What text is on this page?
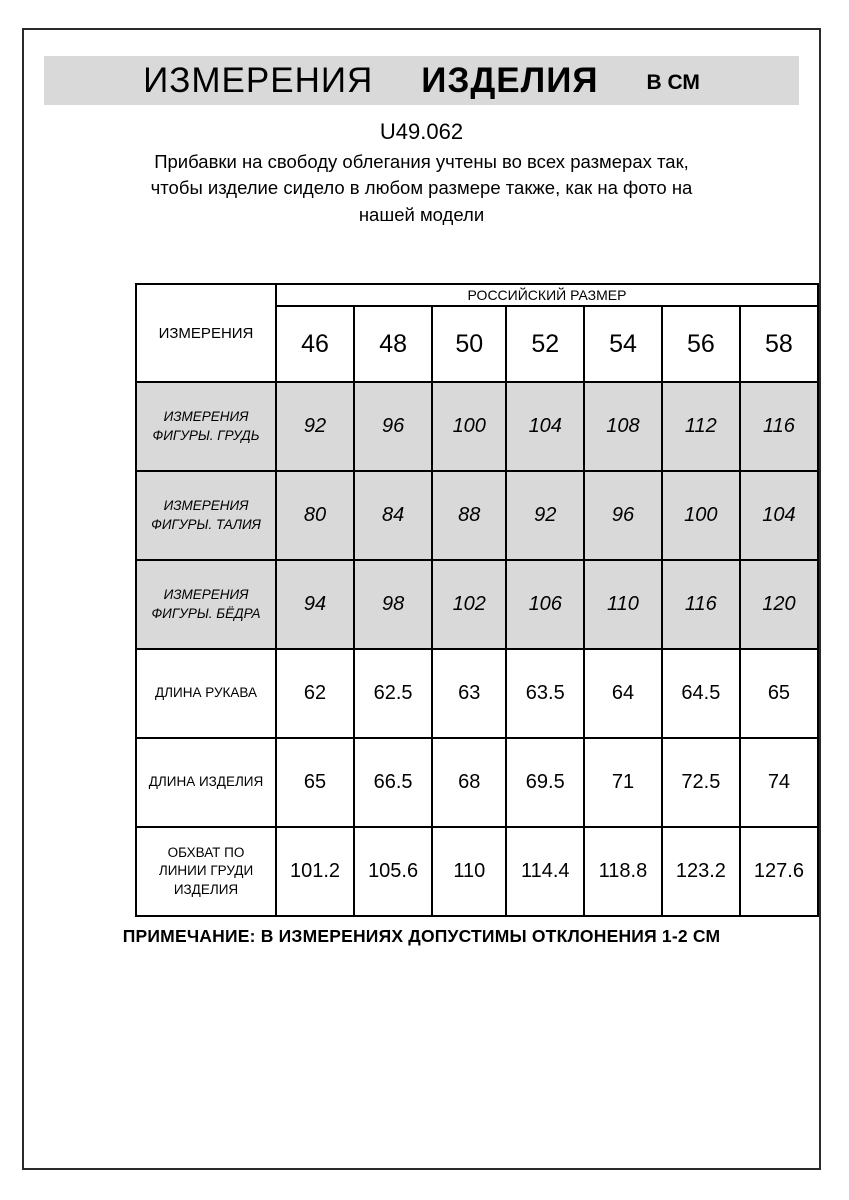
ИЗМЕРЕНИЯ ИЗДЕЛИЯ В СМ
U49.062
Прибавки на свободу облегания учтены во всех размерах так,
чтобы изделие сидело в любом размере также, как на фото на
нашей модели
ИЗМЕРЕНИЯ	РОССИЙСКИЙ РАЗМЕР						
	46	48	50	52	54	56	58
ИЗМЕРЕНИЯ ФИГУРЫ. ГРУДЬ	92	96	100	104	108	112	116
ИЗМЕРЕНИЯ ФИГУРЫ. ТАЛИЯ	80	84	88	92	96	100	104
ИЗМЕРЕНИЯ ФИГУРЫ. БЁДРА	94	98	102	106	110	116	120
ДЛИНА РУКАВА	62	62.5	63	63.5	64	64.5	65
ДЛИНА ИЗДЕЛИЯ	65	66.5	68	69.5	71	72.5	74
ОБХВАТ ПО ЛИНИИ ГРУДИ ИЗДЕЛИЯ	101.2	105.6	110	114.4	118.8	123.2	127.6
ПРИМЕЧАНИЕ: В ИЗМЕРЕНИЯХ ДОПУСТИМЫ ОТКЛОНЕНИЯ 1-2 СМ
